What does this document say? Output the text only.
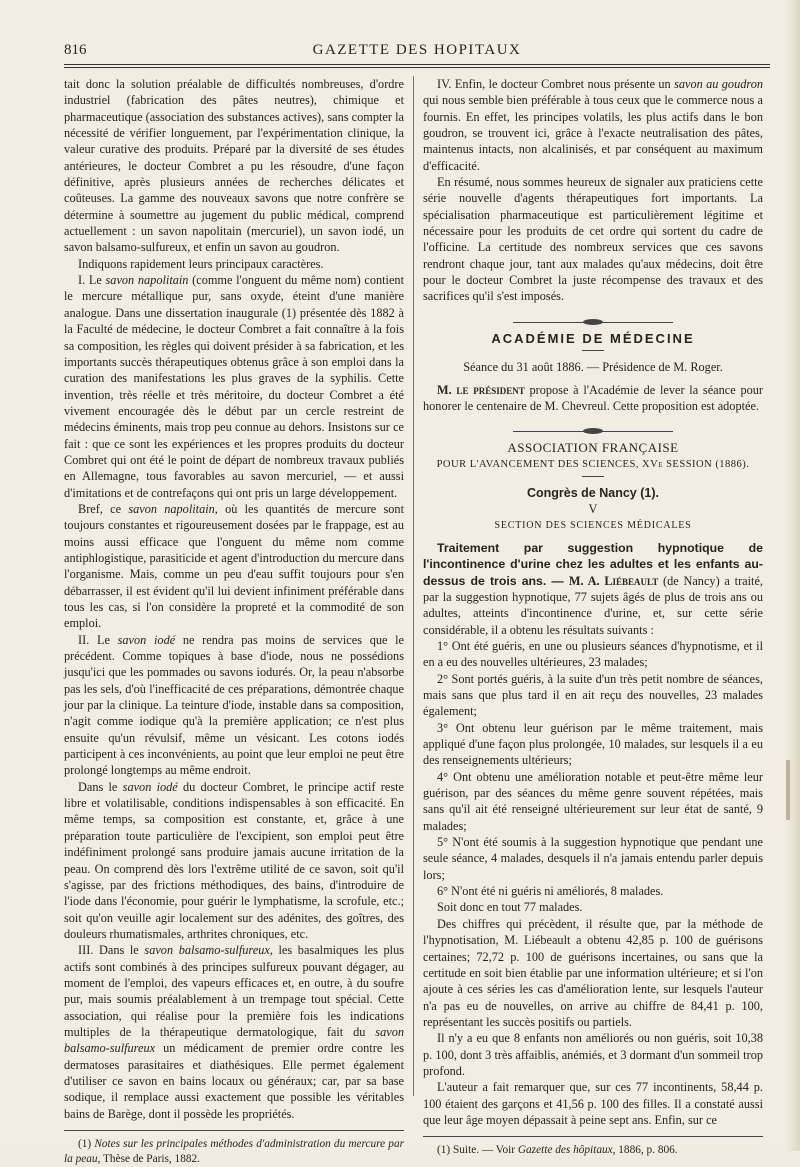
816	GAZETTE DES HOPITAUX

tait donc la solution préalable de difficultés nombreuses, d'ordre industriel (fabrication des pâtes neutres), chimique et pharmaceutique (association des substances actives), sans compter la nécessité de vérifier longuement, par l'expérimentation clinique, la valeur curative des produits. Préparé par la diversité de ses études antérieures, le docteur Combret a pu les résoudre, d'une façon définitive, après plusieurs années de recherches délicates et coûteuses. La gamme des nouveaux savons que notre confrère se détermine à soumettre au jugement du public médical, comprend actuellement : un savon napolitain (mercuriel), un savon iodé, un savon balsamo-sulfureux, et enfin un savon au goudron.

Indiquons rapidement leurs principaux caractères.

I. Le savon napolitain (comme l'onguent du même nom) contient le mercure métallique pur, sans oxyde, éteint d'une manière analogue. Dans une dissertation inaugurale (1) présentée dès 1882 à la Faculté de médecine, le docteur Combret a fait connaître à la fois sa composition, les règles qui doivent présider à sa fabrication, et les importants succès thérapeutiques obtenus grâce à son emploi dans la curation des manifestations les plus graves de la syphilis. Cette invention, très réelle et très méritoire, du docteur Combret a été vivement encouragée dès le début par un cercle restreint de médecins éminents, mais trop peu connue au dehors. Insistons sur ce fait : que ce sont les expériences et les propres produits du docteur Combret qui ont été le point de départ de nombreux travaux publiés en Allemagne, tous favorables au savon mercuriel, — et aussi d'imitations et de contrefaçons qui ont pris un large développement.

Bref, ce savon napolitain, où les quantités de mercure sont toujours constantes et rigoureusement dosées par le frappage, est au moins aussi efficace que l'onguent du même nom comme antiphlogistique, parasiticide et agent d'introduction du mercure dans l'organisme. Mais, comme un peu d'eau suffit toujours pour s'en débarrasser, il est évident qu'il lui devient infiniment préférable dans tous les cas, si l'on considère la propreté et la commodité de son emploi.

II. Le savon iodé ne rendra pas moins de services que le précédent. Comme topiques à base d'iode, nous ne possédions jusqu'ici que les pommades ou savons iodurés. Or, la peau n'absorbe pas les sels, d'où l'inefficacité de ces préparations, démontrée chaque jour par la clinique. La teinture d'iode, instable dans sa composition, n'agit comme iodique qu'à la première application; ce n'est plus ensuite qu'un révulsif, même un vésicant. Les cotons iodés participent à ces inconvénients, au point que leur emploi ne peut être prolongé longtemps au même endroit.

Dans le savon iodé du docteur Combret, le principe actif reste libre et volatilisable, conditions indispensables à son efficacité. En même temps, sa composition est constante, et, grâce à une préparation toute particulière de l'excipient, son emploi peut être indéfiniment prolongé sans produire jamais aucune irritation de la peau. On comprend dès lors l'extrême utilité de ce savon, soit qu'il s'agisse, par des frictions méthodiques, des bains, d'introduire de l'iode dans l'économie, pour guérir le lymphatisme, la scrofule, etc.; soit qu'on veuille agir localement sur des adénites, des goîtres, des douleurs rhumatismales, arthrites chroniques, etc.

III. Dans le savon balsamo-sulfureux, les basalmiques les plus actifs sont combinés à des principes sulfureux pouvant dégager, au moment de l'emploi, des vapeurs efficaces et, en outre, à du soufre pur, mais soumis préalablement à un trempage tout spécial. Cette association, qui réalise pour la première fois les indications multiples de la thérapeutique dermatologique, fait du savon balsamo-sulfureux un médicament de premier ordre contre les dermatoses parasitaires et diathésiques. Elle permet également d'utiliser ce savon en bains locaux ou généraux; car, par sa base sodique, il remplace aussi exactement que possible les véritables bains de Barège, dont il possède les propriétés.

(1) Notes sur les principales méthodes d'administration du mercure par la peau, Thèse de Paris, 1882.

IV. Enfin, le docteur Combret nous présente un savon au goudron qui nous semble bien préférable à tous ceux que le commerce nous a fournis. En effet, les principes volatils, les plus actifs dans le bon goudron, se trouvent ici, grâce à l'exacte neutralisation des pâtes, maintenus intacts, non alcalinisés, et par conséquent au maximum d'efficacité.

En résumé, nous sommes heureux de signaler aux praticiens cette série nouvelle d'agents thérapeutiques fort importants. La spécialisation pharmaceutique est particulièrement légitime et nécessaire pour les produits de cet ordre qui sortent du cadre de l'officine. La certitude des nombreux services que ces savons rendront chaque jour, tant aux malades qu'aux médecins, doit être pour le docteur Combret la juste récompense des travaux et des sacrifices qu'il s'est imposés.

ACADÉMIE DE MÉDECINE

Séance du 31 août 1886. — Présidence de M. Roger.

M. le président propose à l'Académie de lever la séance pour honorer le centenaire de M. Chevreul. Cette proposition est adoptée.

ASSOCIATION FRANÇAISE
POUR L'AVANCEMENT DES SCIENCES, XVe SESSION (1886).
Congrès de Nancy (1).
V
SECTION DES SCIENCES MÉDICALES

Traitement par suggestion hypnotique de l'incontinence d'urine chez les adultes et les enfants au-dessus de trois ans. — M. A. Liébeault (de Nancy) a traité, par la suggestion hypnotique, 77 sujets âgés de plus de trois ans ou adultes, atteints d'incontinence d'urine, et, sur cette série considérable, il a obtenu les résultats suivants :

1° Ont été guéris, en une ou plusieurs séances d'hypnotisme, et il en a eu des nouvelles ultérieures, 23 malades;

2° Sont portés guéris, à la suite d'un très petit nombre de séances, mais sans que plus tard il en ait reçu des nouvelles, 23 malades également;

3° Ont obtenu leur guérison par le même traitement, mais appliqué d'une façon plus prolongée, 10 malades, sur lesquels il a eu des renseignements ultérieurs;

4° Ont obtenu une amélioration notable et peut-être même leur guérison, par des séances du même genre souvent répétées, mais sans qu'il ait été renseigné ultérieurement sur leur état de santé, 9 malades;

5° N'ont été soumis à la suggestion hypnotique que pendant une seule séance, 4 malades, desquels il n'a jamais entendu parler depuis lors;

6° N'ont été ni guéris ni améliorés, 8 malades.

Soit donc en tout 77 malades.

Des chiffres qui précèdent, il résulte que, par la méthode de l'hypnotisation, M. Liébeault a obtenu 42,85 p. 100 de guérisons certaines; 72,72 p. 100 de guérisons incertaines, ou sans que la certitude en soit bien établie par une information ultérieure; et si l'on ajoute à ces séries les cas d'amélioration lente, sur lesquels l'auteur n'a pas eu de nouvelles, on arrive au chiffre de 84,41 p. 100, représentant les succès positifs ou partiels.

Il n'y a eu que 8 enfants non améliorés ou non guéris, soit 10,38 p. 100, dont 3 très affaiblis, anémiés, et 3 dormant d'un sommeil trop profond.

L'auteur a fait remarquer que, sur ces 77 incontinents, 58,44 p. 100 étaient des garçons et 41,56 p. 100 des filles. Il a constaté aussi que leur âge moyen dépassait à peine sept ans. Enfin, sur ce

(1) Suite. — Voir Gazette des hôpitaux, 1886, p. 806.
